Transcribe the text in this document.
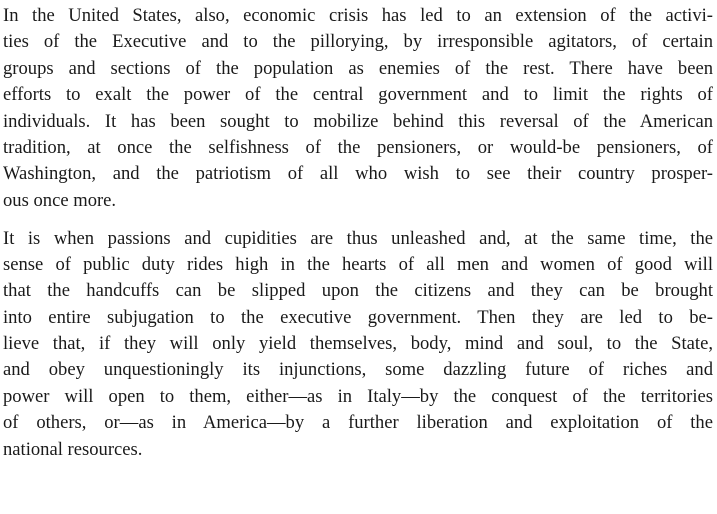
In the United States, also, economic crisis has led to an extension of the activi-
ties of the Executive and to the pillorying, by irresponsible agitators, of certain
groups and sections of the population as enemies of the rest. There have been
efforts to exalt the power of the central government and to limit the rights of
individuals. It has been sought to mobilize behind this reversal of the American
tradition, at once the selfishness of the pensioners, or would-be pensioners, of
Washington, and the patriotism of all who wish to see their country prosper-
ous once more.
It is when passions and cupidities are thus unleashed and, at the same time, the
sense of public duty rides high in the hearts of all men and women of good will
that the handcuffs can be slipped upon the citizens and they can be brought
into entire subjugation to the executive government. Then they are led to be-
lieve that, if they will only yield themselves, body, mind and soul, to the State,
and obey unquestioningly its injunctions, some dazzling future of riches and
power will open to them, either—as in Italy—by the conquest of the territories
of others, or—as in America—by a further liberation and exploitation of the
national resources.
